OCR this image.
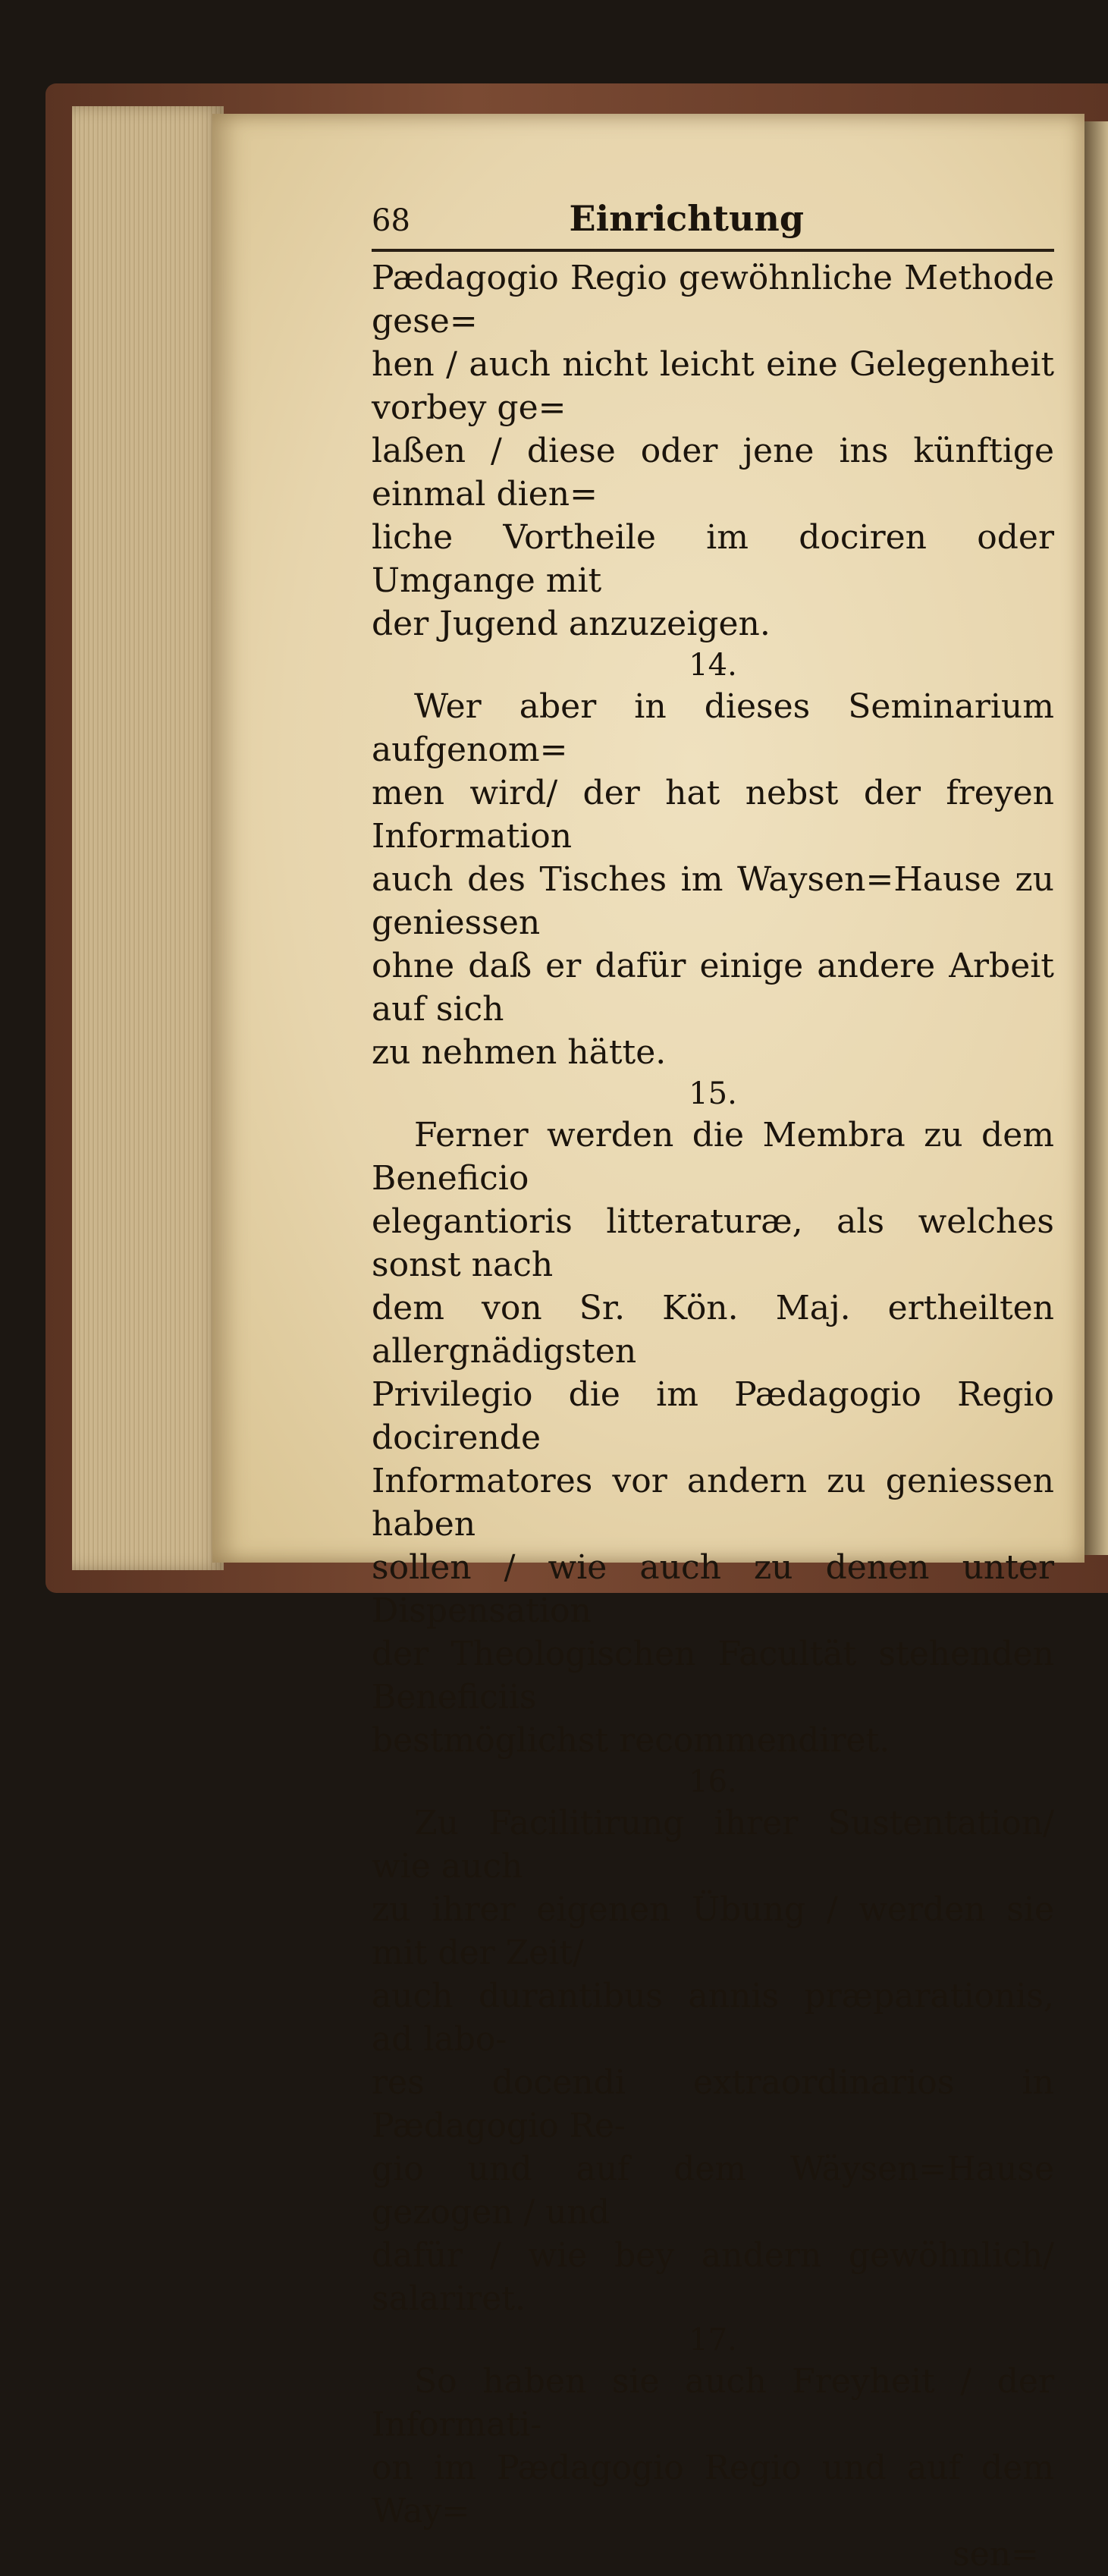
68	Einrichtung

Pædagogio Regio gewöhnliche Methode gese=

hen / auch nicht leicht eine Gelegenheit vorbey ge=

laßen / diese oder jene ins künftige einmal dien=

liche Vortheile im dociren oder Umgange mit

der Jugend anzuzeigen.

14.

Wer aber in dieses Seminarium aufgenom=

men wird/ der hat nebst der freyen Information

auch des Tisches im Waysen=Hause zu geniessen

ohne daß er dafür einige andere Arbeit auf sich

zu nehmen hätte.

15.

Ferner werden die Membra zu dem Beneficio

elegantioris litteraturæ, als welches sonst nach

dem von Sr. Kön. Maj. ertheilten allergnädigsten

Privilegio die im Pædagogio Regio docirende

Informatores vor andern zu geniessen haben

sollen / wie auch zu denen unter Dispensation

der Theologischen Facultät stehenden Beneficiis

bestmöglichst recommendiret.

16.

Zu Facilitirung ihrer Sustentation/ wie auch

zu ihrer eigenen Übung / werden sie mit der Zeit/

auch durantibus annis præparationis, ad labo-

res docendi extraordinarios in Pædagogio Re-

gio und auf dem Wäysen=Hause gezogen / und

dafür / wie bey andern gewöhnlich/ salariret.

17.

So haben sie auch Freyheit / der Informati-

on im Pædagogio Regio und auf dem Way=

sen=
